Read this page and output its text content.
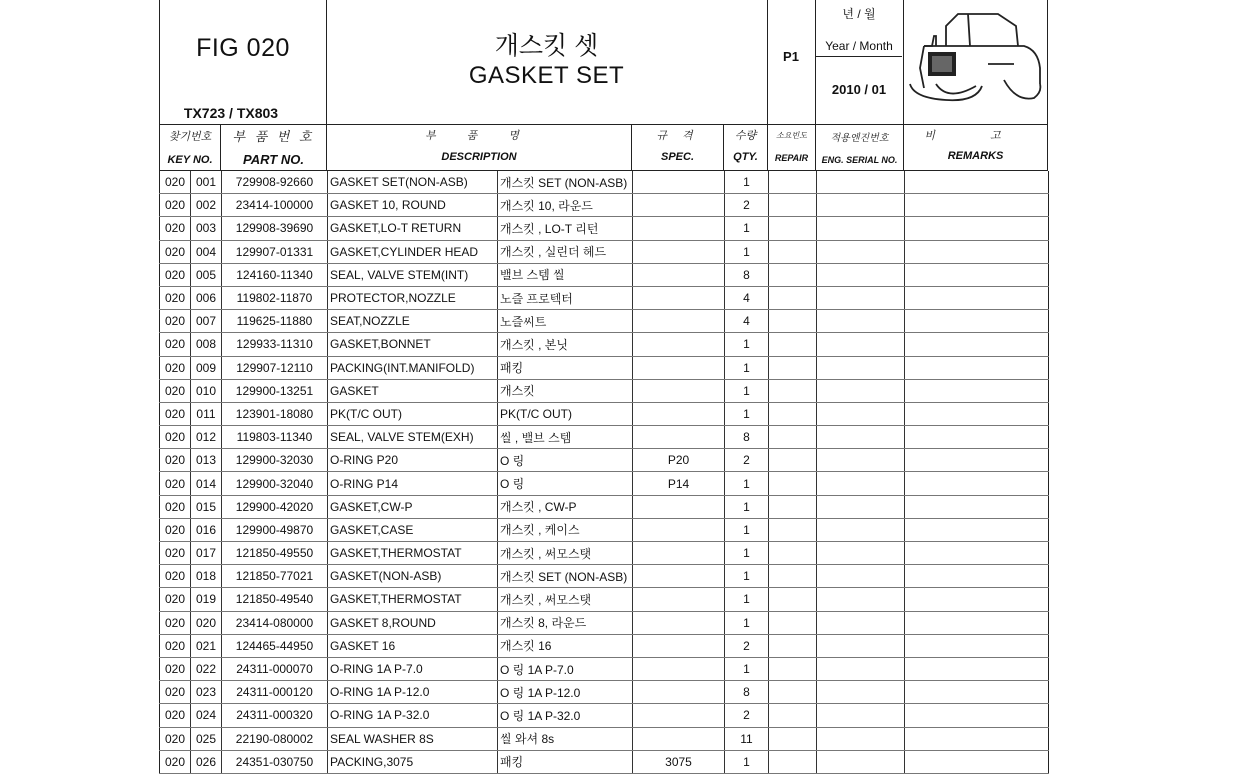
FIG 020
TX723 / TX803
개스킷 셋
GASKET SET
P1
년 / 월
Year / Month
2010 / 01
찾기번호
KEY NO.
부 품 번 호
PART NO.
부 품 명
DESCRIPTION
규 격
SPEC.
수량
QTY.
소요빈도
REPAIR
적용엔진번호
ENG. SERIAL NO.
비 고
REMARKS
020	001	729908-92660	GASKET SET(NON-ASB)	개스킷 SET (NON-ASB)		1			
020	002	23414-100000	GASKET 10, ROUND	개스킷 10, 라운드		2			
020	003	129908-39690	GASKET,LO-T RETURN	개스킷 , LO-T 리턴		1			
020	004	129907-01331	GASKET,CYLINDER HEAD	개스킷 , 실린더 헤드		1			
020	005	124160-11340	SEAL, VALVE STEM(INT)	밸브 스템 씰		8			
020	006	119802-11870	PROTECTOR,NOZZLE	노즐 프로텍터		4			
020	007	119625-11880	SEAT,NOZZLE	노즐씨트		4			
020	008	129933-11310	GASKET,BONNET	개스킷 , 본닛		1			
020	009	129907-12110	PACKING(INT.MANIFOLD)	패킹		1			
020	010	129900-13251	GASKET	개스킷		1			
020	011	123901-18080	PK(T/C OUT)	PK(T/C OUT)		1			
020	012	119803-11340	SEAL, VALVE STEM(EXH)	씰 , 밸브 스템		8			
020	013	129900-32030	O-RING P20	O 링	P20	2			
020	014	129900-32040	O-RING P14	O 링	P14	1			
020	015	129900-42020	GASKET,CW-P	개스킷 , CW-P		1			
020	016	129900-49870	GASKET,CASE	개스킷 , 케이스		1			
020	017	121850-49550	GASKET,THERMOSTAT	개스킷 , 써모스탯		1			
020	018	121850-77021	GASKET(NON-ASB)	개스킷 SET (NON-ASB)		1			
020	019	121850-49540	GASKET,THERMOSTAT	개스킷 , 써모스탯		1			
020	020	23414-080000	GASKET 8,ROUND	개스킷 8, 라운드		1			
020	021	124465-44950	GASKET 16	개스킷 16		2			
020	022	24311-000070	O-RING 1A P-7.0	O 링 1A P-7.0		1			
020	023	24311-000120	O-RING 1A P-12.0	O 링 1A P-12.0		8			
020	024	24311-000320	O-RING 1A P-32.0	O 링 1A P-32.0		2			
020	025	22190-080002	SEAL WASHER 8S	씰 와셔 8s		11			
020	026	24351-030750	PACKING,3075	패킹	3075	1			
